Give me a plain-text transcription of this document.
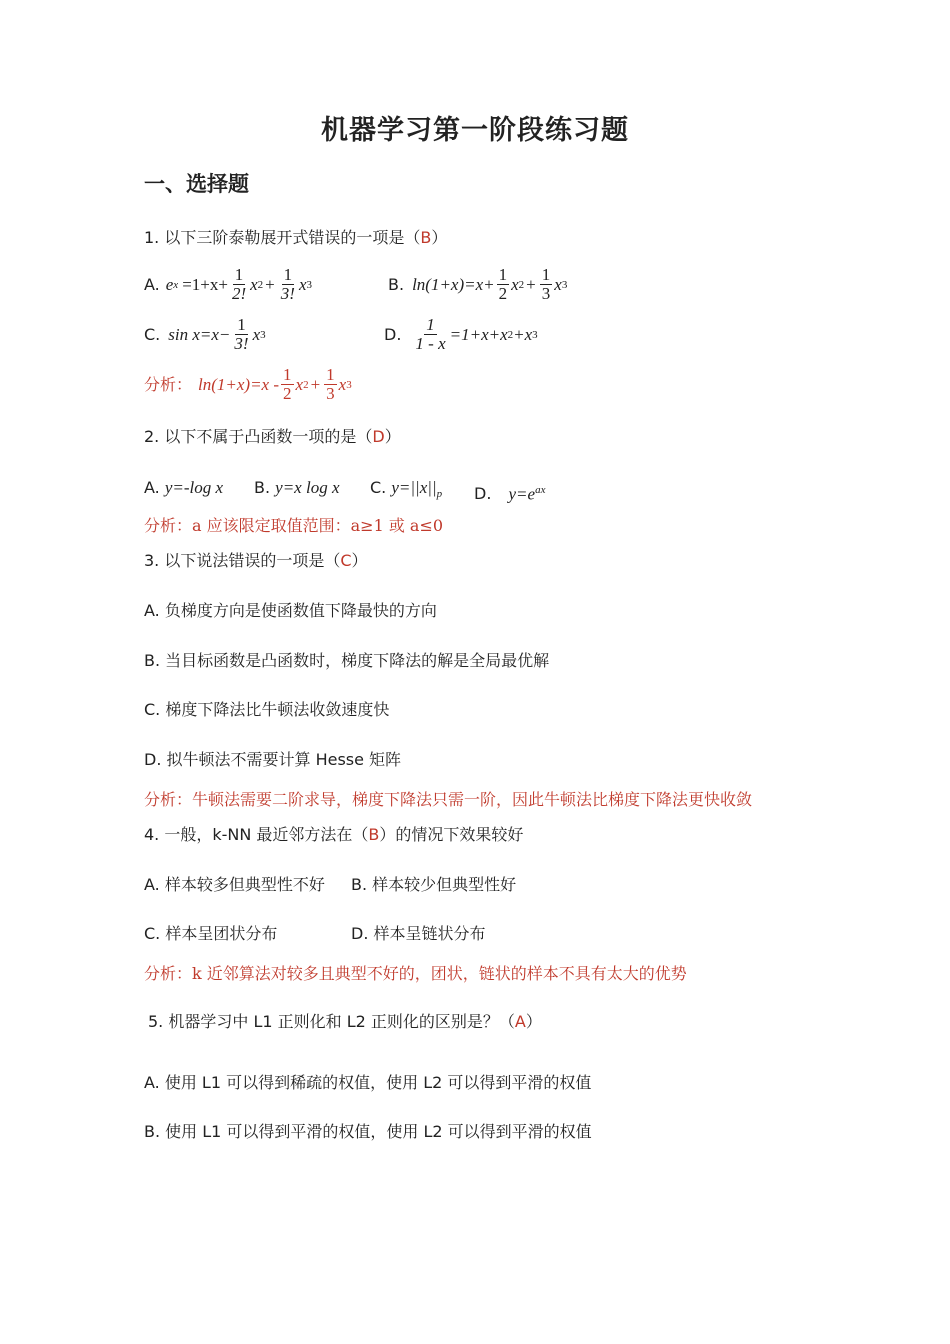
机器学习第一阶段练习题
一、选择题
1. 以下三阶泰勒展开式错误的一项是（B）
A. e $x =1+x+ \frac{1}{2!}$ x $2 + \frac{1}{3!}$ x 3	B. $\ln(1+x)=x+ \frac{1}{2}$ x $2 + \frac{1}{3}$ x 3
C. $\sin x=x- \frac{1}{3!}$ x 3	D. $\frac{1}{1 - x} =1+x+x$ 2 +x 3
分析： $\ln(1+x)=x - \frac{1}{2}$ x $2 + \frac{1}{3}$ x 3
2. 以下不属于凸函数一项的是（D）
A. y=-log x B. y=x log x C. $y=||x||_p$ D. $y=e^{ax}$
分析：a 应该限定取值范围：a≥1 或 a≤0
3. 以下说法错误的一项是（C）
A. 负梯度方向是使函数值下降最快的方向
B. 当目标函数是凸函数时，梯度下降法的解是全局最优解
C. 梯度下降法比牛顿法收敛速度快
D. 拟牛顿法不需要计算 Hesse 矩阵
分析：牛顿法需要二阶求导，梯度下降法只需一阶，因此牛顿法比梯度下降法更快收敛
4. 一般，k-NN 最近邻方法在（B）的情况下效果较好
A. 样本较多但典型性不好 B. 样本较少但典型性好
C. 样本呈团状分布	D. 样本呈链状分布
分析：k 近邻算法对较多且典型不好的，团状，链状的样本不具有太大的优势
5. 机器学习中 L1 正则化和 L2 正则化的区别是？（A）
A. 使用 L1 可以得到稀疏的权值，使用 L2 可以得到平滑的权值
B. 使用 L1 可以得到平滑的权值，使用 L2 可以得到平滑的权值
